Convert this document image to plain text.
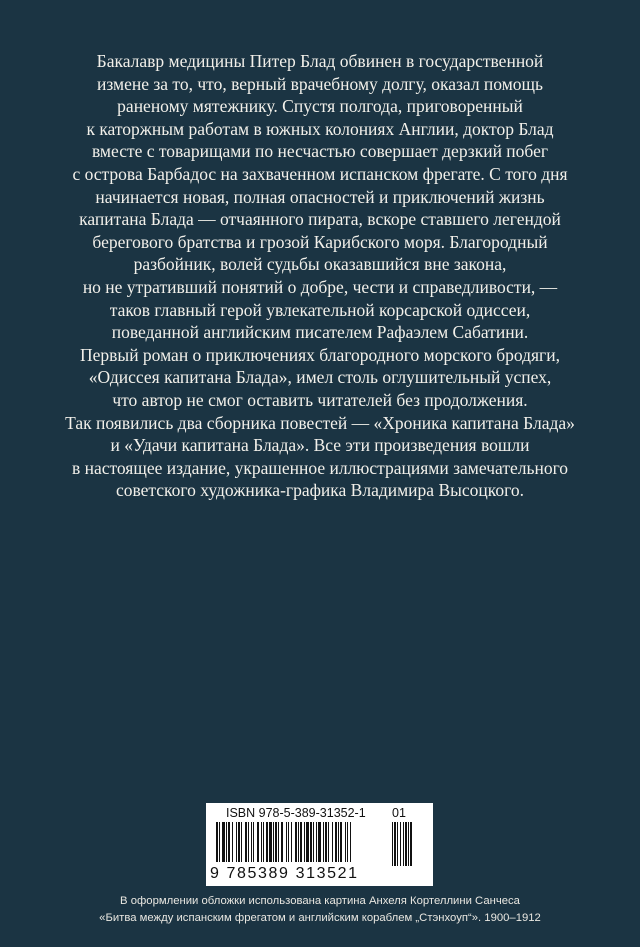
Бакалавр медицины Питер Блад обвинен в государственной
измене за то, что, верный врачебному долгу, оказал помощь
раненому мятежнику. Спустя полгода, приговоренный
к каторжным работам в южных колониях Англии, доктор Блад
вместе с товарищами по несчастью совершает дерзкий побег
с острова Барбадос на захваченном испанском фрегате. С того дня
начинается новая, полная опасностей и приключений жизнь
капитана Блада — отчаянного пирата, вскоре ставшего легендой
берегового братства и грозой Карибского моря. Благородный
разбойник, волей судьбы оказавшийся вне закона,
но не утративший понятий о добре, чести и справедливости, —
таков главный герой увлекательной корсарской одиссеи,
поведанной английским писателем Рафаэлем Сабатини.
Первый роман о приключениях благородного морского бродяги,
«Одиссея капитана Блада», имел столь оглушительный успех,
что автор не смог оставить читателей без продолжения.
Так появились два сборника повестей — «Хроника капитана Блада»
и «Удачи капитана Блада». Все эти произведения вошли
в настоящее издание, украшенное иллюстрациями замечательного
советского художника-графика Владимира Высоцкого.
ISBN 978-5-389-31352-1 01
9 785389 313521
В оформлении обложки использована картина Анхеля Кортеллини Санчеса
«Битва между испанским фрегатом и английским кораблем „Стэнхоуп“». 1900–1912
